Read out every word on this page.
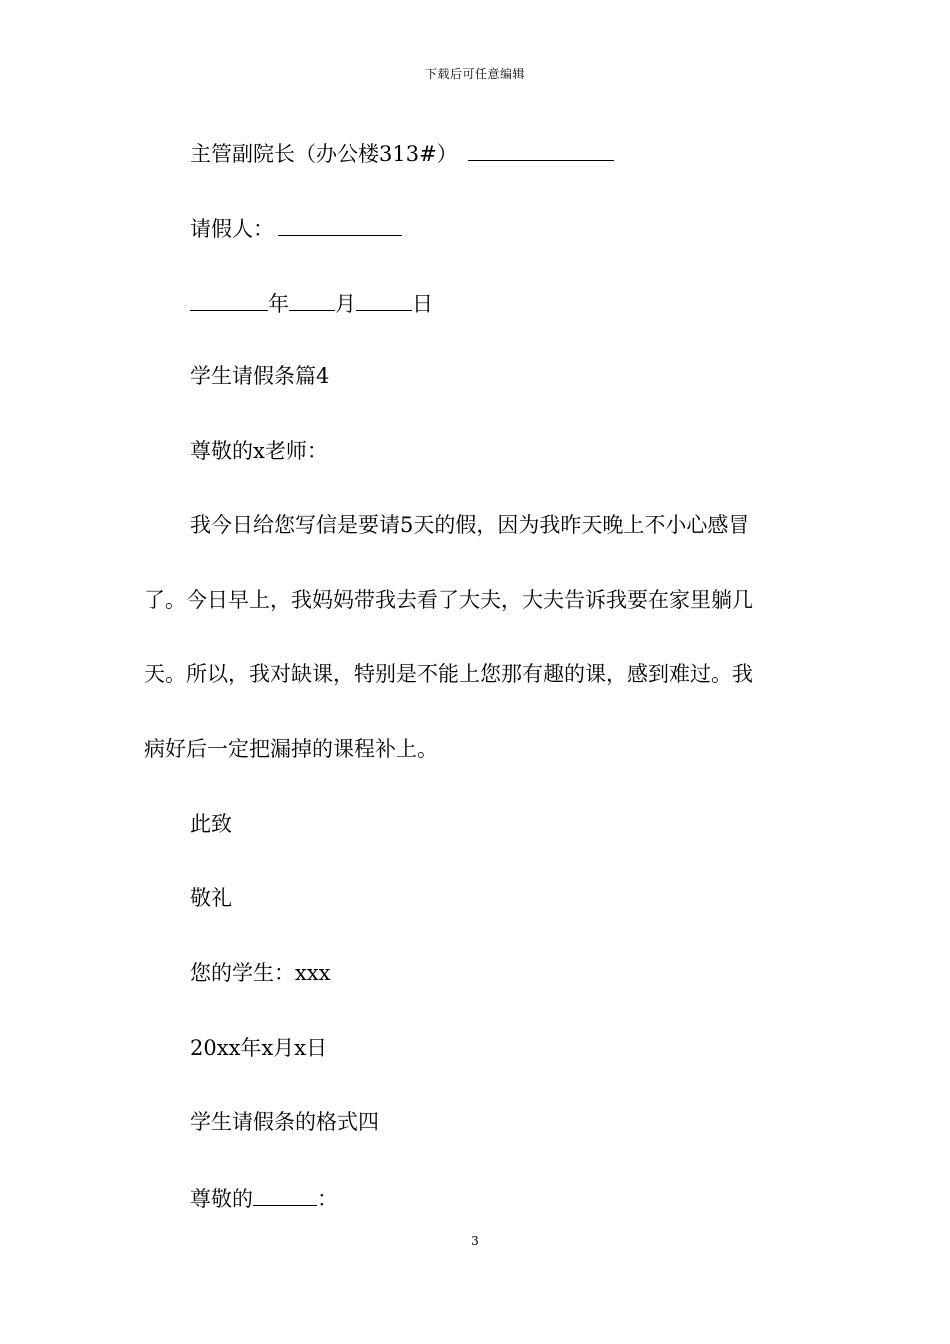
下载后可任意编辑
主管副院长（办公楼313#）
请假人：
年 月	日
学生请假条篇4
尊敬的x老师：
我今日给您写信是要请5天的假，因为我昨天晚上不小心感冒
了。今日早上，我妈妈带我去看了大夫，大夫告诉我要在家里躺几
天。所以，我对缺课，特别是不能上您那有趣的课，感到难过。我
病好后一定把漏掉的课程补上。
此致
敬礼
您的学生：xxx
20xx年x月x日
学生请假条的格式四
尊敬的	：
3
